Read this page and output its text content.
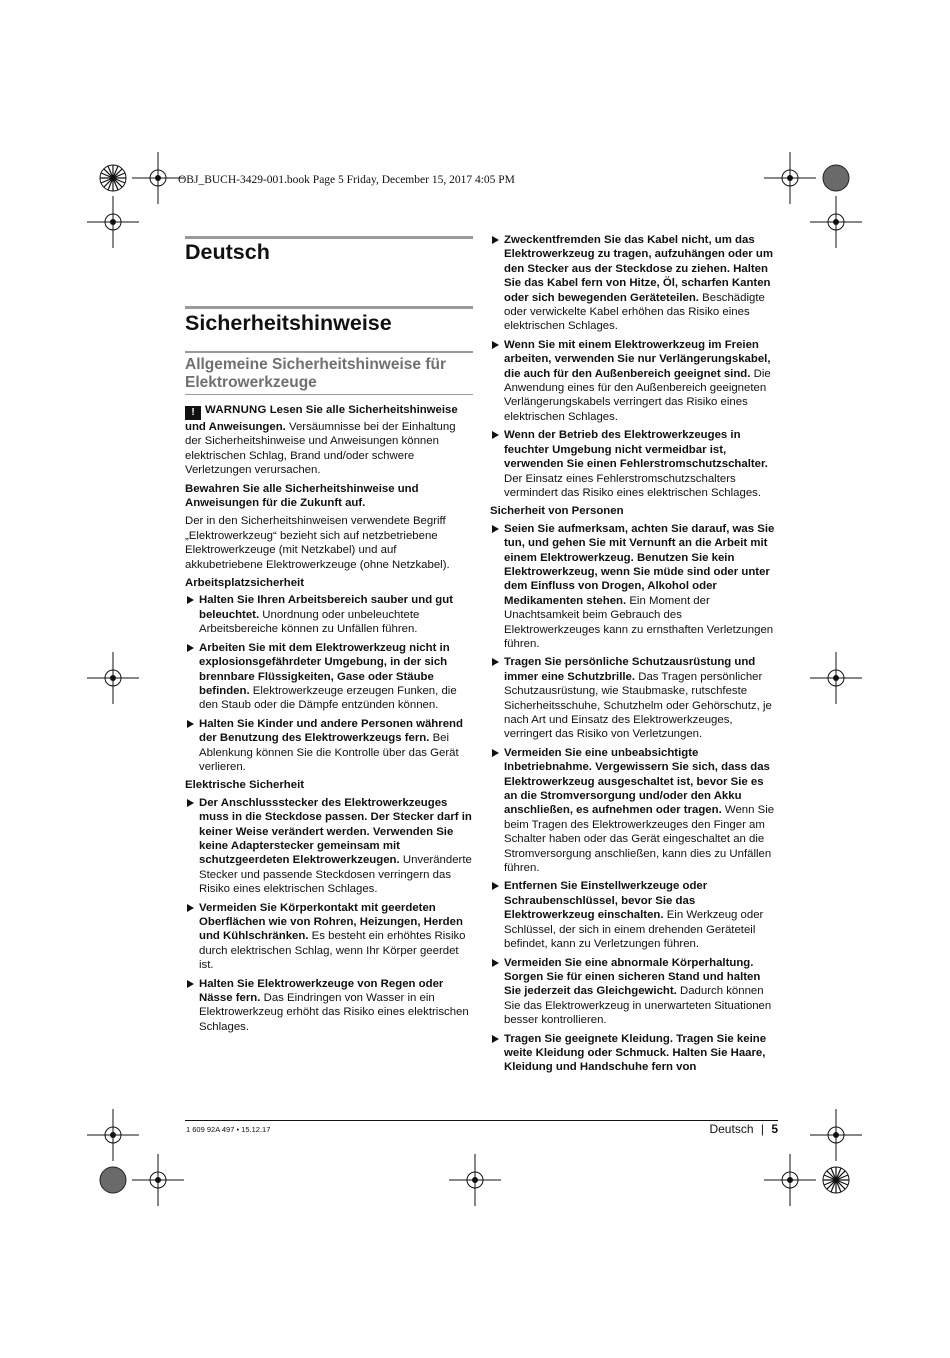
OBJ_BUCH-3429-001.book Page 5 Friday, December 15, 2017 4:05 PM
Deutsch
Sicherheitshinweise
Allgemeine Sicherheitshinweise für Elektrowerkzeuge

! WARNUNG Lesen Sie alle Sicherheitshinweise und Anweisungen. Versäumnisse bei der Einhaltung der Sicherheitshinweise und Anweisungen können elektrischen Schlag, Brand und/oder schwere Verletzungen verursachen.

Bewahren Sie alle Sicherheitshinweise und Anweisungen für die Zukunft auf.

Der in den Sicherheitshinweisen verwendete Begriff „Elektrowerkzeug“ bezieht sich auf netzbetriebene Elektrowerkzeuge (mit Netzkabel) und auf akkubetriebene Elektrowerkzeuge (ohne Netzkabel).

Arbeitsplatzsicherheit
Halten Sie Ihren Arbeitsbereich sauber und gut beleuchtet. Unordnung oder unbeleuchtete Arbeitsbereiche können zu Unfällen führen.
Arbeiten Sie mit dem Elektrowerkzeug nicht in explosionsgefährdeter Umgebung, in der sich brennbare Flüssigkeiten, Gase oder Stäube befinden. Elektrowerkzeuge erzeugen Funken, die den Staub oder die Dämpfe entzünden können.
Halten Sie Kinder und andere Personen während der Benutzung des Elektrowerkzeugs fern. Bei Ablenkung können Sie die Kontrolle über das Gerät verlieren.
Elektrische Sicherheit
Der Anschlussstecker des Elektrowerkzeuges muss in die Steckdose passen. Der Stecker darf in keiner Weise verändert werden. Verwenden Sie keine Adapterstecker gemeinsam mit schutzgeerdeten Elektrowerkzeugen. Unveränderte Stecker und passende Steckdosen verringern das Risiko eines elektrischen Schlages.
Vermeiden Sie Körperkontakt mit geerdeten Oberflächen wie von Rohren, Heizungen, Herden und Kühlschränken. Es besteht ein erhöhtes Risiko durch elektrischen Schlag, wenn Ihr Körper geerdet ist.
Halten Sie Elektrowerkzeuge von Regen oder Nässe fern. Das Eindringen von Wasser in ein Elektrowerkzeug erhöht das Risiko eines elektrischen Schlages.
Zweckentfremden Sie das Kabel nicht, um das Elektrowerkzeug zu tragen, aufzuhängen oder um den Stecker aus der Steckdose zu ziehen. Halten Sie das Kabel fern von Hitze, Öl, scharfen Kanten oder sich bewegenden Geräteteilen. Beschädigte oder verwickelte Kabel erhöhen das Risiko eines elektrischen Schlages.
Wenn Sie mit einem Elektrowerkzeug im Freien arbeiten, verwenden Sie nur Verlängerungskabel, die auch für den Außenbereich geeignet sind. Die Anwendung eines für den Außenbereich geeigneten Verlängerungskabels verringert das Risiko eines elektrischen Schlages.
Wenn der Betrieb des Elektrowerkzeuges in feuchter Umgebung nicht vermeidbar ist, verwenden Sie einen Fehlerstromschutzschalter. Der Einsatz eines Fehlerstromschutzschalters vermindert das Risiko eines elektrischen Schlages.
Sicherheit von Personen
Seien Sie aufmerksam, achten Sie darauf, was Sie tun, und gehen Sie mit Vernunft an die Arbeit mit einem Elektrowerkzeug. Benutzen Sie kein Elektrowerkzeug, wenn Sie müde sind oder unter dem Einfluss von Drogen, Alkohol oder Medikamenten stehen. Ein Moment der Unachtsamkeit beim Gebrauch des Elektrowerkzeuges kann zu ernsthaften Verletzungen führen.
Tragen Sie persönliche Schutzausrüstung und immer eine Schutzbrille. Das Tragen persönlicher Schutzausrüstung, wie Staubmaske, rutschfeste Sicherheitsschuhe, Schutzhelm oder Gehörschutz, je nach Art und Einsatz des Elektrowerkzeuges, verringert das Risiko von Verletzungen.
Vermeiden Sie eine unbeabsichtigte Inbetriebnahme. Vergewissern Sie sich, dass das Elektrowerkzeug ausgeschaltet ist, bevor Sie es an die Stromversorgung und/oder den Akku anschließen, es aufnehmen oder tragen. Wenn Sie beim Tragen des Elektrowerkzeuges den Finger am Schalter haben oder das Gerät eingeschaltet an die Stromversorgung anschließen, kann dies zu Unfällen führen.
Entfernen Sie Einstellwerkzeuge oder Schraubenschlüssel, bevor Sie das Elektrowerkzeug einschalten. Ein Werkzeug oder Schlüssel, der sich in einem drehenden Geräteteil befindet, kann zu Verletzungen führen.
Vermeiden Sie eine abnormale Körperhaltung. Sorgen Sie für einen sicheren Stand und halten Sie jederzeit das Gleichgewicht. Dadurch können Sie das Elektrowerkzeug in unerwarteten Situationen besser kontrollieren.
Tragen Sie geeignete Kleidung. Tragen Sie keine weite Kleidung oder Schmuck. Halten Sie Haare, Kleidung und Handschuhe fern von
1 609 92A 497 • 15.12.17	Deutsch | 5
